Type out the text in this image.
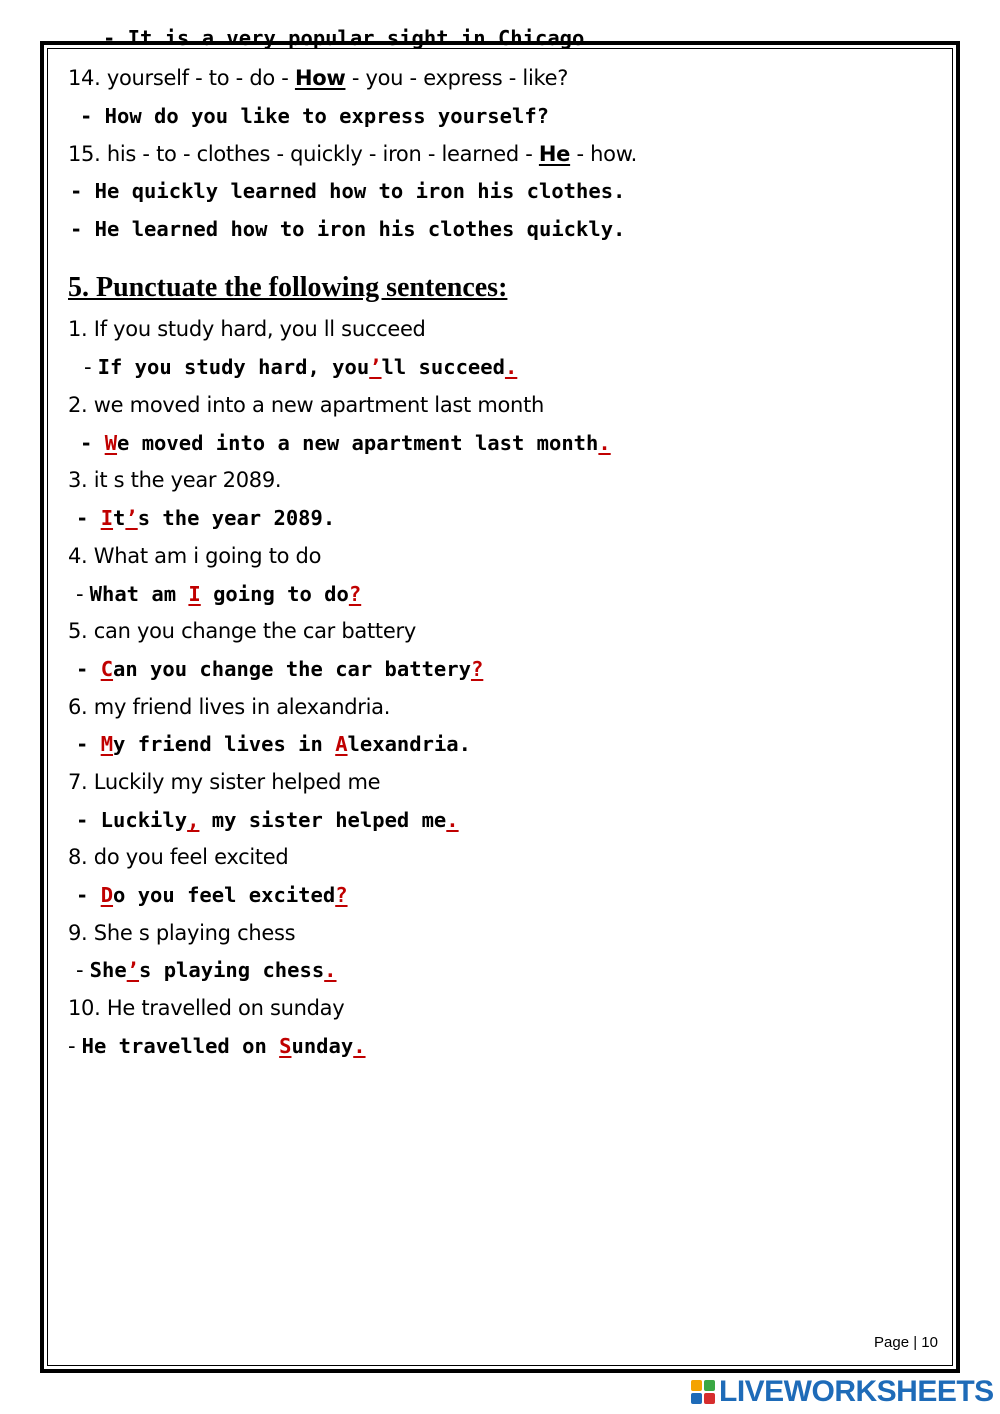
- It is a very popular sight in Chicago
14. yourself - to - do - How - you - express - like?
- How do you like to express yourself?
15. his - to - clothes - quickly - iron - learned - He - how.
- He quickly learned how to iron his clothes.
- He learned how to iron his clothes quickly.
5. Punctuate the following sentences:
1. If you study hard, you ll succeed
- If you study hard, you’ll succeed.
2. we moved into a new apartment last month
- We moved into a new apartment last month.
3. it s the year 2089.
- It’s the year 2089.
4. What am i going to do
- What am I going to do?
5. can you change the car battery
- Can you change the car battery?
6. my friend lives in alexandria.
- My friend lives in Alexandria.
7. Luckily my sister helped me
- Luckily, my sister helped me.
8. do you feel excited
- Do you feel excited?
9. She s playing chess
- She’s playing chess.
10. He travelled on sunday
- He travelled on Sunday.
Page | 10
LIVEWORKSHEETS
